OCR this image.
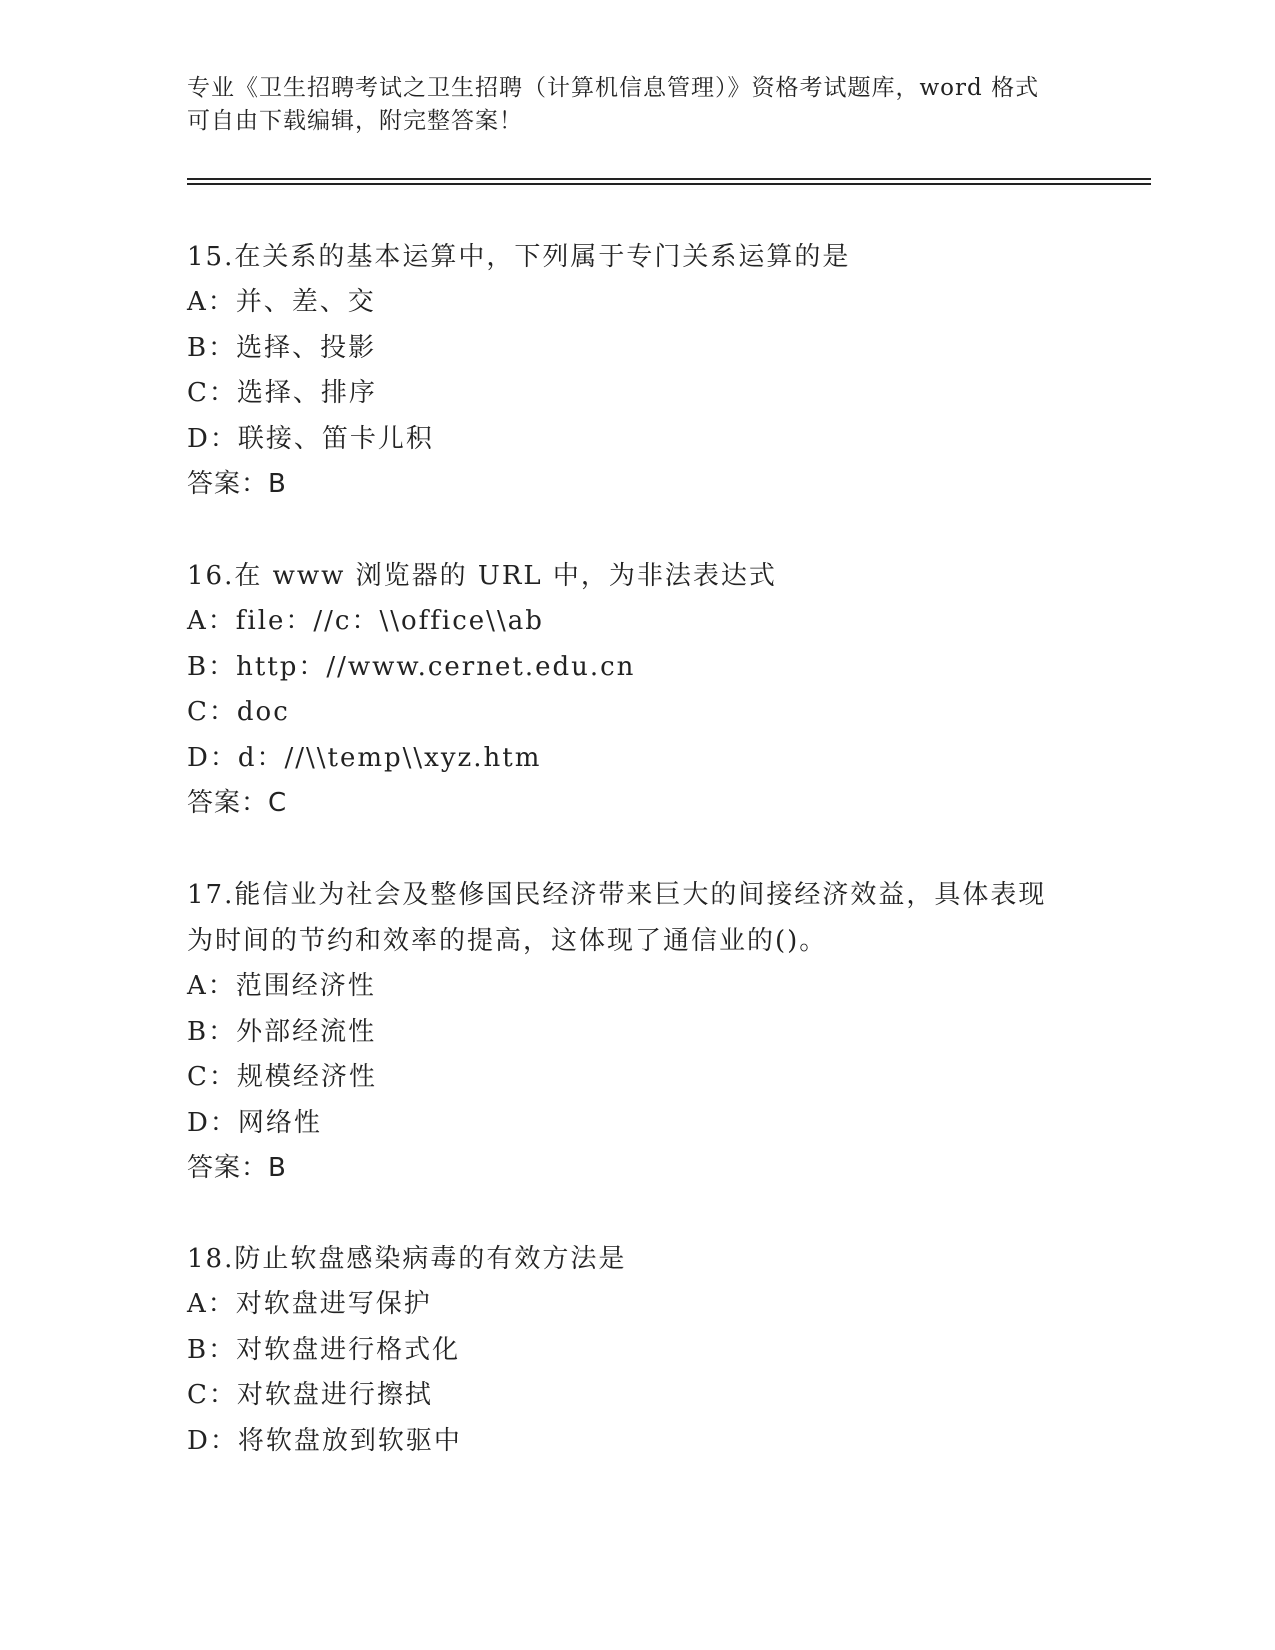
专业《卫生招聘考试之卫生招聘（计算机信息管理）》资格考试题库，word 格式
可自由下载编辑，附完整答案！

15.在关系的基本运算中，下列属于专门关系运算的是

A：并、差、交

B：选择、投影

C：选择、排序

D：联接、笛卡儿积

答案：B

16.在 www 浏览器的 URL 中，为非法表达式

A：file：//c：\\office\\ab

B：http：//www.cernet.edu.cn

C：doc

D：d：//\\temp\\xyz.htm

答案：C

17.能信业为社会及整修国民经济带来巨大的间接经济效益，具体表现

为时间的节约和效率的提高，这体现了通信业的()。

A：范围经济性

B：外部经流性

C：规模经济性

D：网络性

答案：B

18.防止软盘感染病毒的有效方法是

A：对软盘进写保护

B：对软盘进行格式化

C：对软盘进行擦拭

D：将软盘放到软驱中
